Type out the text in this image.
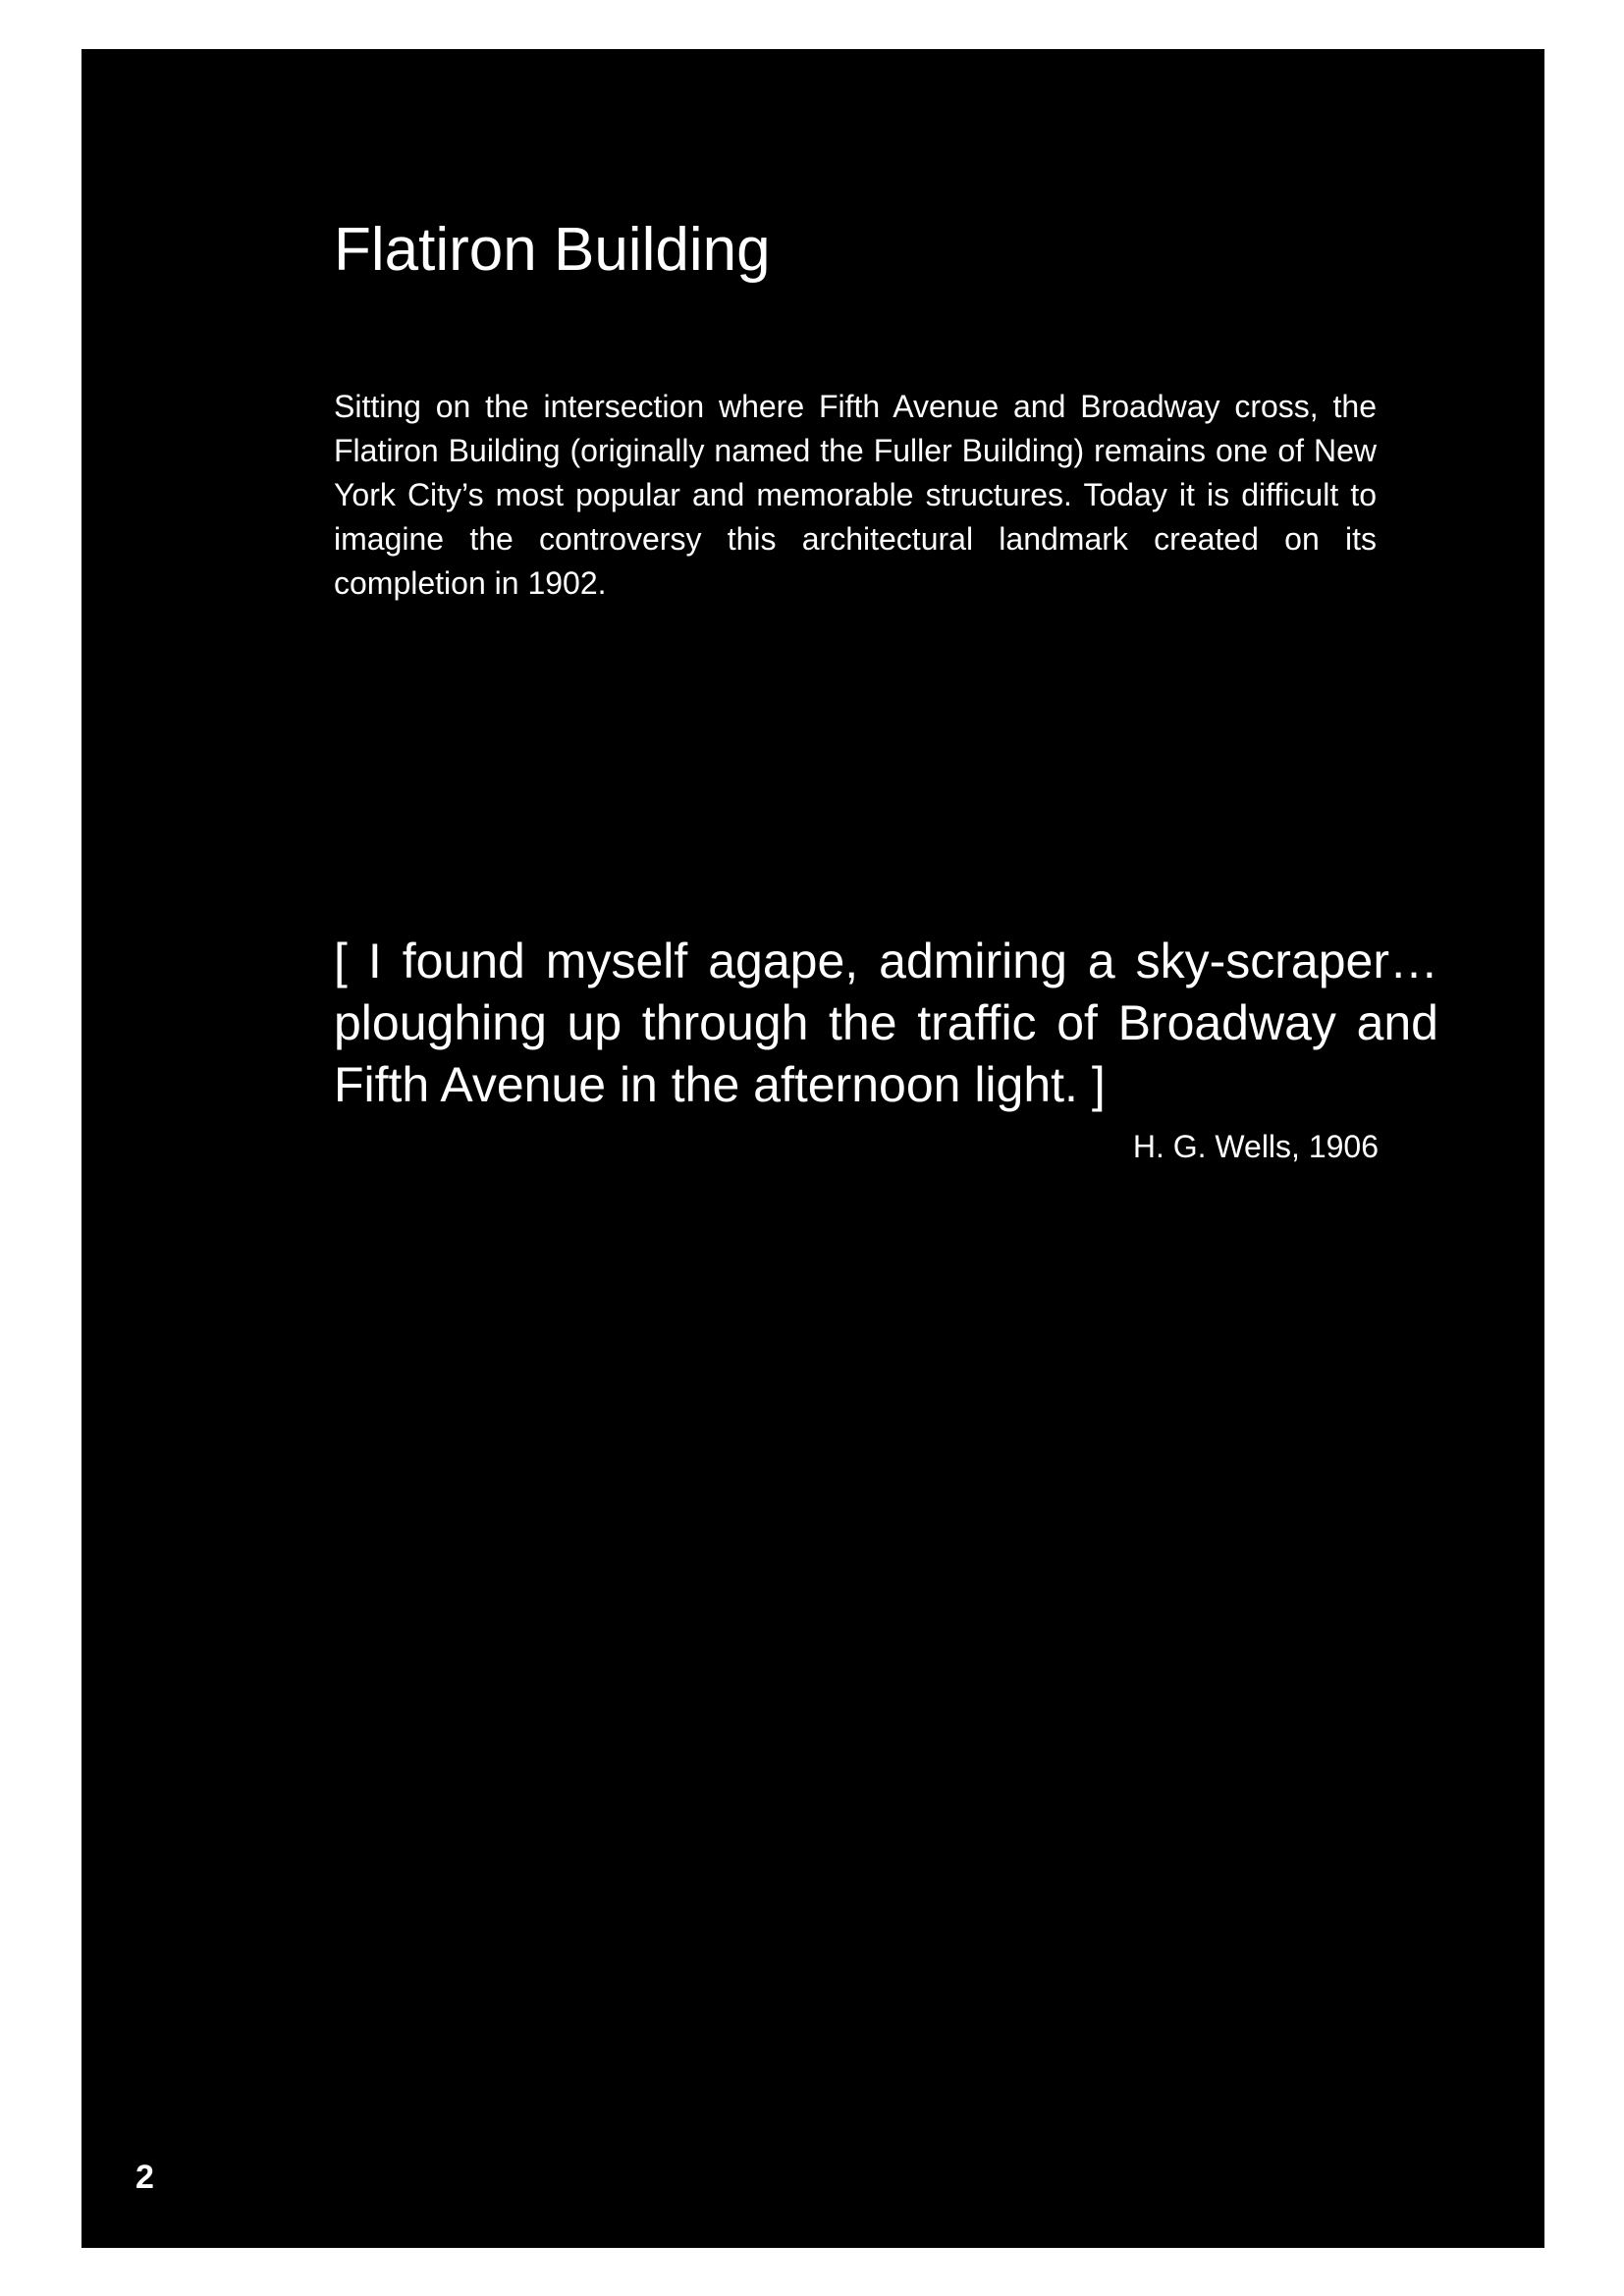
Flatiron Building

Sitting on the intersection where Fifth Avenue and Broadway cross, the Flatiron Building (originally named the Fuller Building) remains one of New York City’s most popular and memorable structures. Today it is difficult to imagine the controversy this architectural landmark created on its completion in 1902.

[ I found myself agape, admiring a sky-scraper… ploughing up through the traffic of Broadway and Fifth Avenue in the afternoon light. ]

H. G. Wells, 1906

2
